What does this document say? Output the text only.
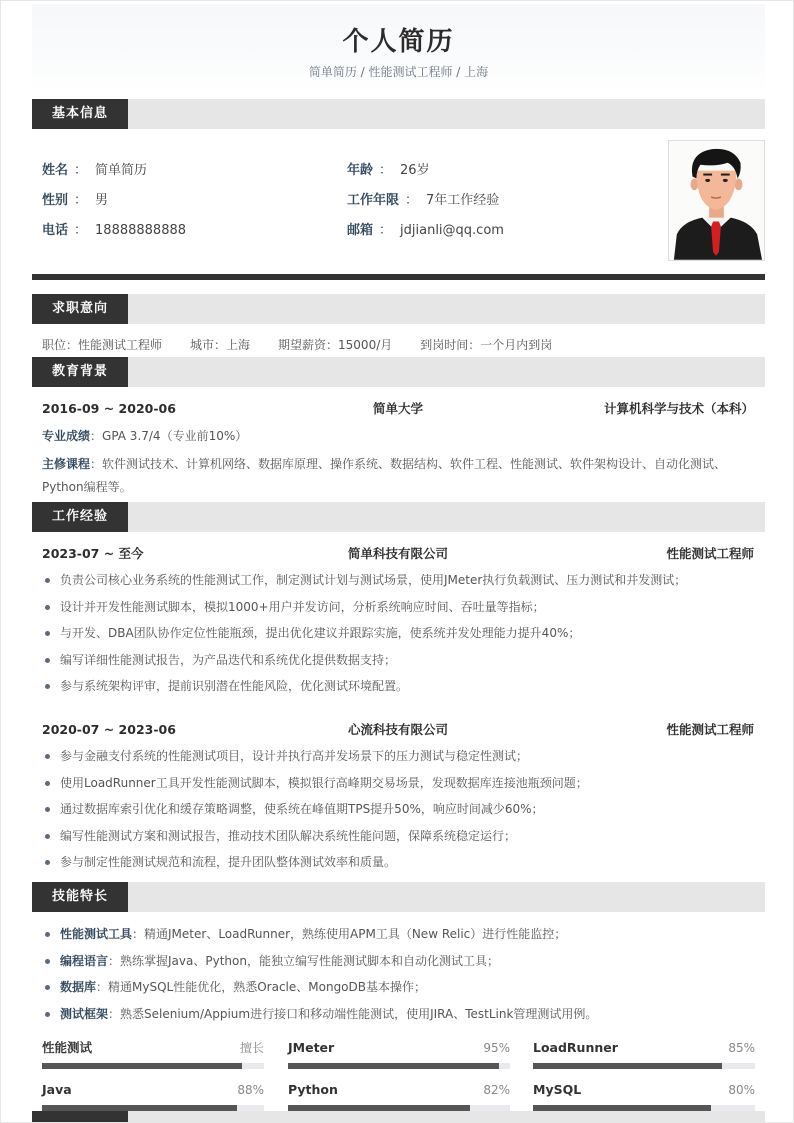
个人简历
简单简历 / 性能测试工程师 / 上海
基本信息
姓名 ： 简单简历
性别 ： 男
电话 ： 18888888888
年龄 ： 26岁
工作年限 ： 7年工作经验
邮箱 ： jdjianli@qq.com
求职意向
职位：性能测试工程师 城市：上海 期望薪资：15000/月 到岗时间：一个月内到岗
教育背景
2016-09 ~ 2020-06	简单大学	计算机科学与技术（本科）
专业成绩：GPA 3.7/4（专业前10%）
主修课程：软件测试技术、计算机网络、数据库原理、操作系统、数据结构、软件工程、性能测试、软件架构设计、自动化测试、Python编程等。
工作经验
2023-07 ~ 至今	简单科技有限公司	性能测试工程师
负责公司核心业务系统的性能测试工作，制定测试计划与测试场景，使用JMeter执行负载测试、压力测试和并发测试；
设计并开发性能测试脚本，模拟1000+用户并发访问，分析系统响应时间、吞吐量等指标；
与开发、DBA团队协作定位性能瓶颈，提出优化建议并跟踪实施，使系统并发处理能力提升40%；
编写详细性能测试报告，为产品迭代和系统优化提供数据支持；
参与系统架构评审，提前识别潜在性能风险，优化测试环境配置。
2020-07 ~ 2023-06	心流科技有限公司	性能测试工程师
参与金融支付系统的性能测试项目，设计并执行高并发场景下的压力测试与稳定性测试；
使用LoadRunner工具开发性能测试脚本，模拟银行高峰期交易场景，发现数据库连接池瓶颈问题；
通过数据库索引优化和缓存策略调整，使系统在峰值期TPS提升50%，响应时间减少60%；
编写性能测试方案和测试报告，推动技术团队解决系统性能问题，保障系统稳定运行；
参与制定性能测试规范和流程，提升团队整体测试效率和质量。
技能特长
性能测试工具：精通JMeter、LoadRunner，熟练使用APM工具（New Relic）进行性能监控；
编程语言：熟练掌握Java、Python，能独立编写性能测试脚本和自动化测试工具；
数据库：精通MySQL性能优化，熟悉Oracle、MongoDB基本操作；
测试框架：熟悉Selenium/Appium进行接口和移动端性能测试，使用JIRA、TestLink管理测试用例。
性能测试	擅长 JMeter	95% LoadRunner	85%
Java	88% Python	82% MySQL	80%
